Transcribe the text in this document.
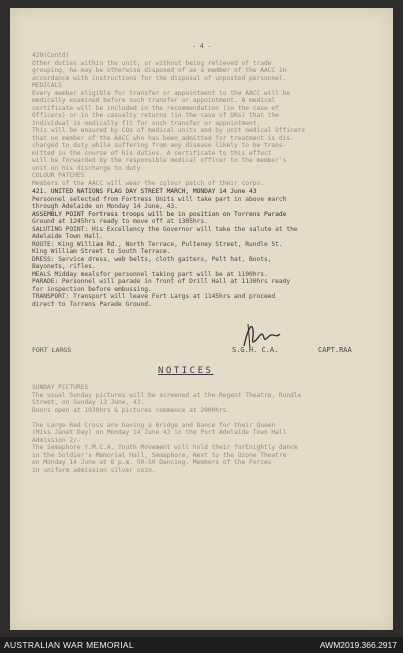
- 4 -
420(Contd)
Other duties within the unit; or without being relieved of trade
grouping, he may be otherwise disposed of as a member of the AACC in
accordance with instructions for the disposal of unposted personnel.
MEDICALS
Every member eligible for transfer or appointment to the AACC will be
medically examined before such transfer or appointment. A medical
certificate will be included in the recommendation (in the case of
Officers) or in the casualty returns (in the case of ORs) that the
individual is medically fit for such transfer or appointment,
This will be ensured by COs of medical units and by unit medical Officers
that no member of the AACC who has been admitted for treatment is dis-
charged to duty while suffering from any disease likely to be trans-
mitted in the course of his duties. A certificate to this effect
will be forwarded by the responsible medical officer to the member's
unit on his discharge to duty.
COLOUR PATCHES
Members of the AACC will wear the colour patch of their corps.
421. UNITED NATIONS FLAG DAY STREET MARCH, MONDAY 14 June 43
Personnel selected from Fortress Units will take part in above march
through Adelaide on Monday 14 June, 43.
ASSEMBLY POINT Fortress troops will be in position on Torrens Parade
Ground at 1245hrs ready to move off at 1305hrs.
SALUTING POINT: His Excellency the Governor will take the salute at the
Adelaide Town Hall.
ROUTE: King William Rd., North Terrace, Pulteney Street, Rundle St.
King William Street to South Terrace.
DRESS: Service dress, web belts, cloth gaiters, Pelt hat, Boots,
Bayonets, rifles.
MEALS Midday mealsfor personnel taking part will be at 1100hrs.
PARADE: Personnel will parade in front of Drill Hall at 1130hrs ready
for inspection before embussing.
TRANSPORT: Transport will leave Fort Largs at 1145hrs and proceed
direct to Torrens Parade Ground.
FORT LARGS	S.G.H. C.A.	CAPT.RAA
NOTICES
SUNDAY PICTURES
The usual Sunday pictures will be screened at the Regent Theatre, Rundle
Street, on Sunday 13 June, 43.
Doors open at 1930hrs & pictures commence at 2000hrs.
The Large Red Cross are having a Bridge and Dance for their Queen
(Miss Janet Day) on Monday 14 June 43 in the Port Adelaide Town Hall
Admission 2/-
The Semaphore Y.M.C.A. Youth Movement will hold their fortnightly dance
in the Soldier's Memorial Hall, Semaphore, Next to the Ozone Theatre
on Monday 14 June at 8 p.m. 50-50 Dancing. Members of the Forces
in uniform admission silver coin.
AUSTRALIAN WAR MEMORIAL	AWM2019.366.2917
